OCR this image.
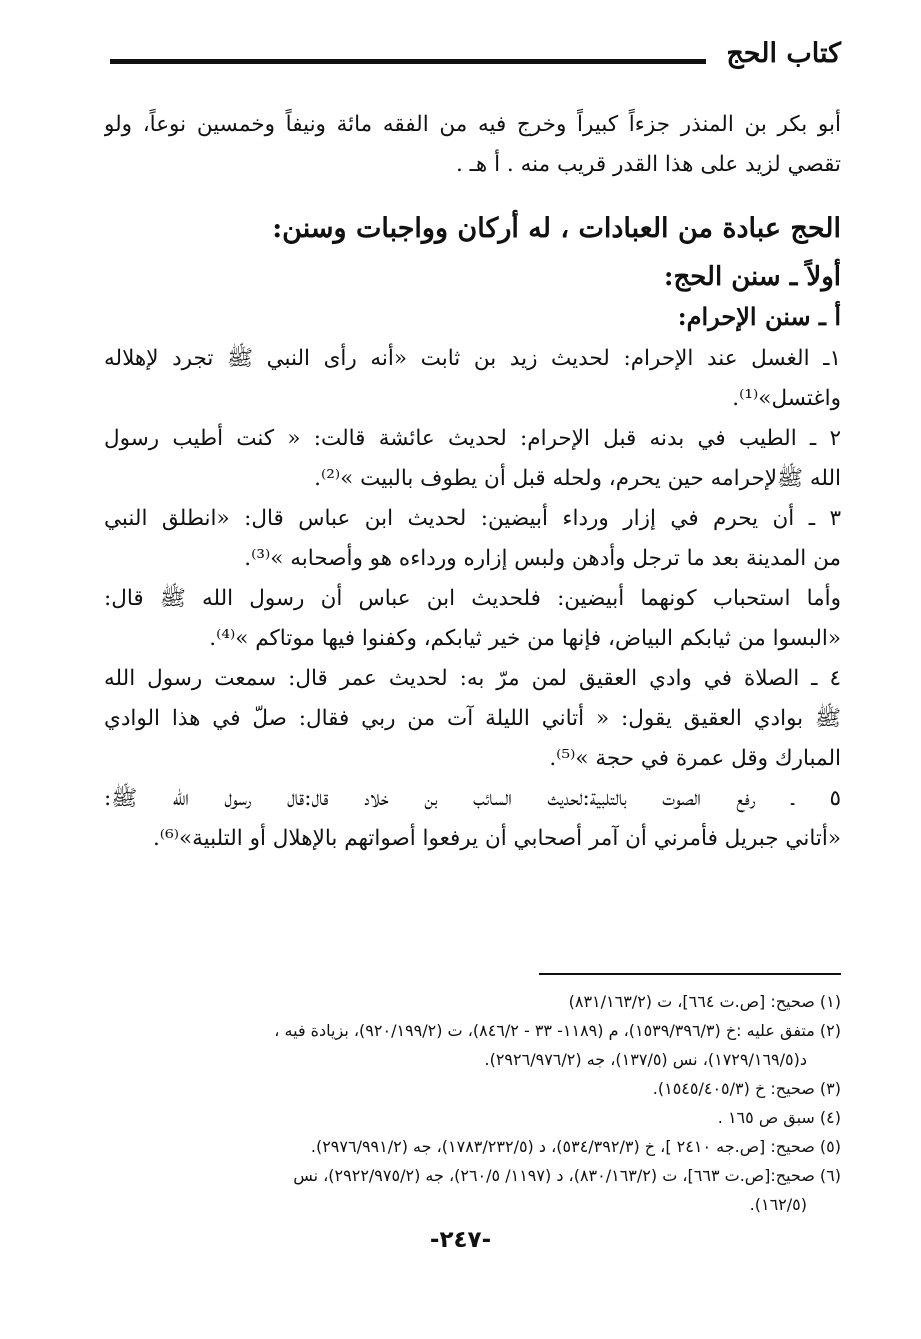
كتاب الحج
أبو بكر بن المنذر جزءاً كبيراً وخرج فيه من الفقه مائة ونيفاً وخمسين نوعاً، ولو
تقصي لزيد على هذا القدر قريب منه . أ هـ .
الحج عبادة من العبادات ، له أركان وواجبات وسنن:
أولاً ـ سنن الحج:
أ ـ سنن الإحرام:
١ـ الغسل عند الإحرام: لحديث زيد بن ثابت «أنه رأى النبي ﷺ تجرد لإهلاله
واغتسل»⁽¹⁾.
٢ ـ الطيب في بدنه قبل الإحرام: لحديث عائشة قالت: « كنت أطيب رسول
الله ﷺلإحرامه حين يحرم، ولحله قبل أن يطوف بالبيت »⁽²⁾.
٣ ـ أن يحرم في إزار ورداء أبيضين: لحديث ابن عباس قال: «انطلق النبي
من المدينة بعد ما ترجل وأدهن ولبس إزاره ورداءه هو وأصحابه »⁽³⁾.
وأما استحباب كونهما أبيضين: فلحديث ابن عباس أن رسول الله ﷺ قال:
«البسوا من ثيابكم البياض، فإنها من خير ثيابكم، وكفنوا فيها موتاكم »⁽⁴⁾.
٤ ـ الصلاة في وادي العقيق لمن مرّ به: لحديث عمر قال: سمعت رسول الله
ﷺ بوادي العقيق يقول: « أتاني الليلة آت من ربي فقال: صلّ في هذا الوادي
المبارك وقل عمرة في حجة »⁽⁵⁾.
٥ ـ رفع الصوت بالتلبية:لحديث السائب بن خلاد قال:قال رسول الله ﷺ:
«أتاني جبريل فأمرني أن آمر أصحابي أن يرفعوا أصواتهم بالإهلال أو التلبية»⁽⁶⁾.
(١) صحيح: [ص.ت ٦٦٤]، ت (٨٣١/١٦٣/٢)
(٢) متفق عليه :خ (١٥٣٩/٣٩٦/٣)، م (١١٨٩- ٣٣ - ٨٤٦/٢)، ت (٩٢٠/١٩٩/٢)، بزيادة فيه ،
د(١٧٢٩/١٦٩/٥)، نس (١٣٧/٥)، جه (٢٩٢٦/٩٧٦/٢).
(٣) صحيح: خ (١٥٤٥/٤٠٥/٣).
(٤) سبق ص ١٦٥ .
(٥) صحيح: [ص.جه ٢٤١٠ ]، خ (٥٣٤/٣٩٢/٣)، د (١٧٨٣/٢٣٢/٥)، جه (٢٩٧٦/٩٩١/٢).
(٦) صحيح:[ص.ت ٦٦٣]، ت (٨٣٠/١٦٣/٢)، د (١١٩٧/ ٢٦٠/٥)، جه (٢٩٢٢/٩٧٥/٢)، نس
(١٦٢/٥).
-٢٤٧-
